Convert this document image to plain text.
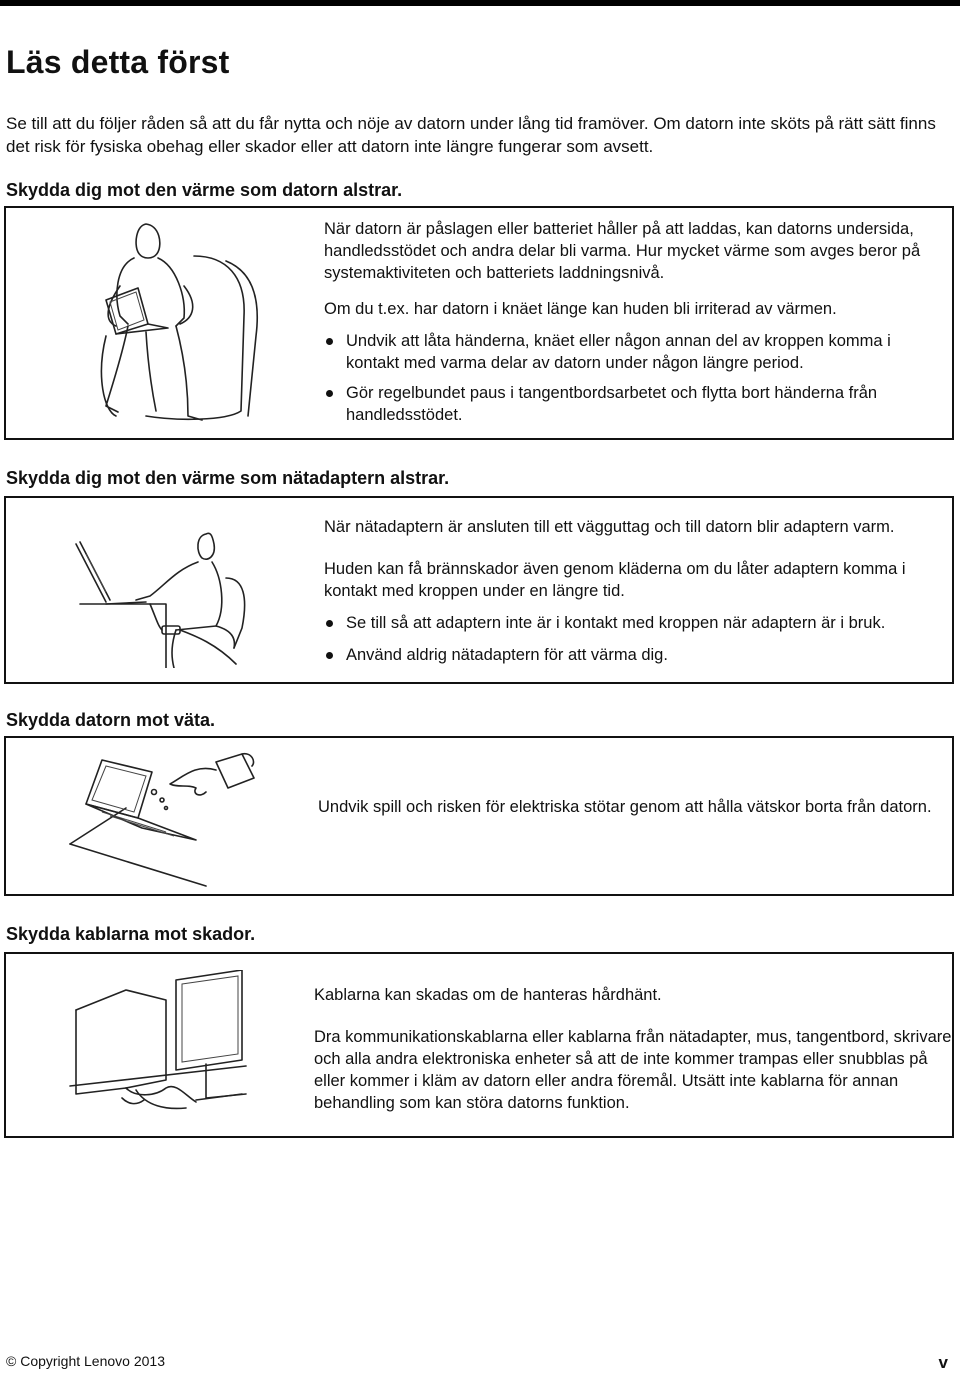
Läs detta först

Se till att du följer råden så att du får nytta och nöje av datorn under lång tid framöver. Om datorn inte sköts på rätt sätt finns det risk för fysiska obehag eller skador eller att datorn inte längre fungerar som avsett.

Skydda dig mot den värme som datorn alstrar.

När datorn är påslagen eller batteriet håller på att laddas, kan datorns undersida, handledsstödet och andra delar bli varma. Hur mycket värme som avges beror på systemaktiviteten och batteriets laddningsnivå.

Om du t.ex. har datorn i knäet länge kan huden bli irriterad av värmen.

Undvik att låta händerna, knäet eller någon annan del av kroppen komma i kontakt med varma delar av datorn under någon längre period.
Gör regelbundet paus i tangentbordsarbetet och flytta bort händerna från handledsstödet.
Skydda dig mot den värme som nätadaptern alstrar.

När nätadaptern är ansluten till ett vägguttag och till datorn blir adaptern varm.

Huden kan få brännskador även genom kläderna om du låter adaptern komma i kontakt med kroppen under en längre tid.

Se till så att adaptern inte är i kontakt med kroppen när adaptern är i bruk.
Använd aldrig nätadaptern för att värma dig.
Skydda datorn mot väta.

Undvik spill och risken för elektriska stötar genom att hålla vätskor borta från datorn.

Skydda kablarna mot skador.

Kablarna kan skadas om de hanteras hårdhänt.

Dra kommunikationskablarna eller kablarna från nätadapter, mus, tangentbord, skrivare och alla andra elektroniska enheter så att de inte kommer trampas eller snubblas på eller kommer i kläm av datorn eller andra föremål. Utsätt inte kablarna för annan behandling som kan störa datorns funktion.

© Copyright Lenovo 2013	v
